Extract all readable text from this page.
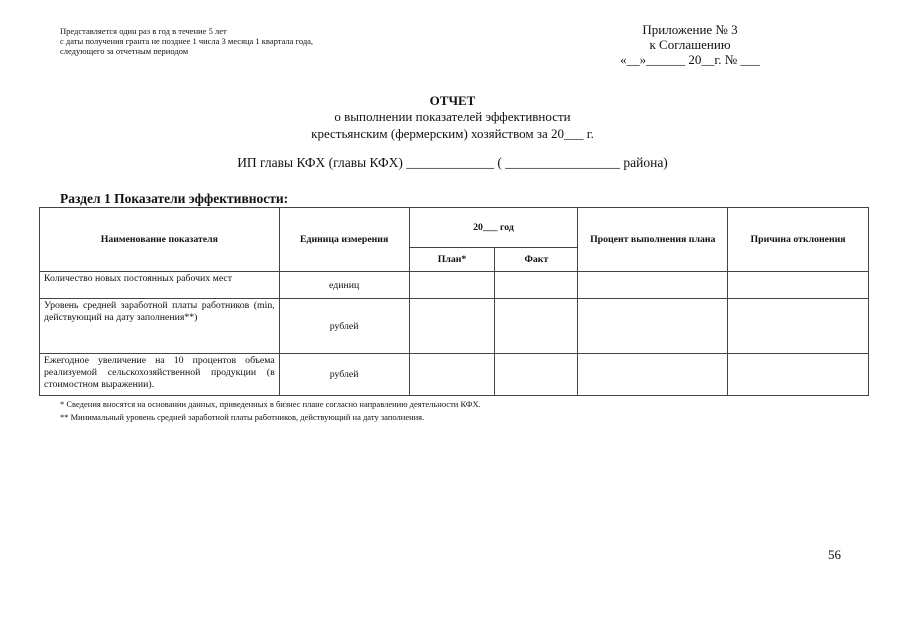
Представляется один раз в год в течение 5 лет
с даты получения гранта не позднее 1 числа 3 месяца 1 квартала года,
следующего за отчетным периодом
Приложение № 3
к Соглашению
«__»______ 20__г. № ___
ОТЧЕТ
о выполнении показателей эффективности
крестьянским (фермерским) хозяйством за 20___ г.
ИП главы КФХ (главы КФХ) _____________ ( _________________ района)
Раздел 1 Показатели эффективности:
Наименование показателя	Единица измерения	20___ год		Процент выполнения плана	Причина отклонения
		План*	Факт		
Количество новых постоянных рабочих мест	единиц				
Уровень средней заработной платы работников (min, действующий на дату заполнения**)	рублей				
Ежегодное увеличение на 10 процентов объема реализуемой сельскохозяйственной продукции (в стоимостном выражении).	рублей				
* Сведения вносятся на основании данных, приведенных в бизнес плане согласно направлению деятельности КФХ.
** Минимальный уровень средней заработной платы работников, действующий на дату заполнения.
56
